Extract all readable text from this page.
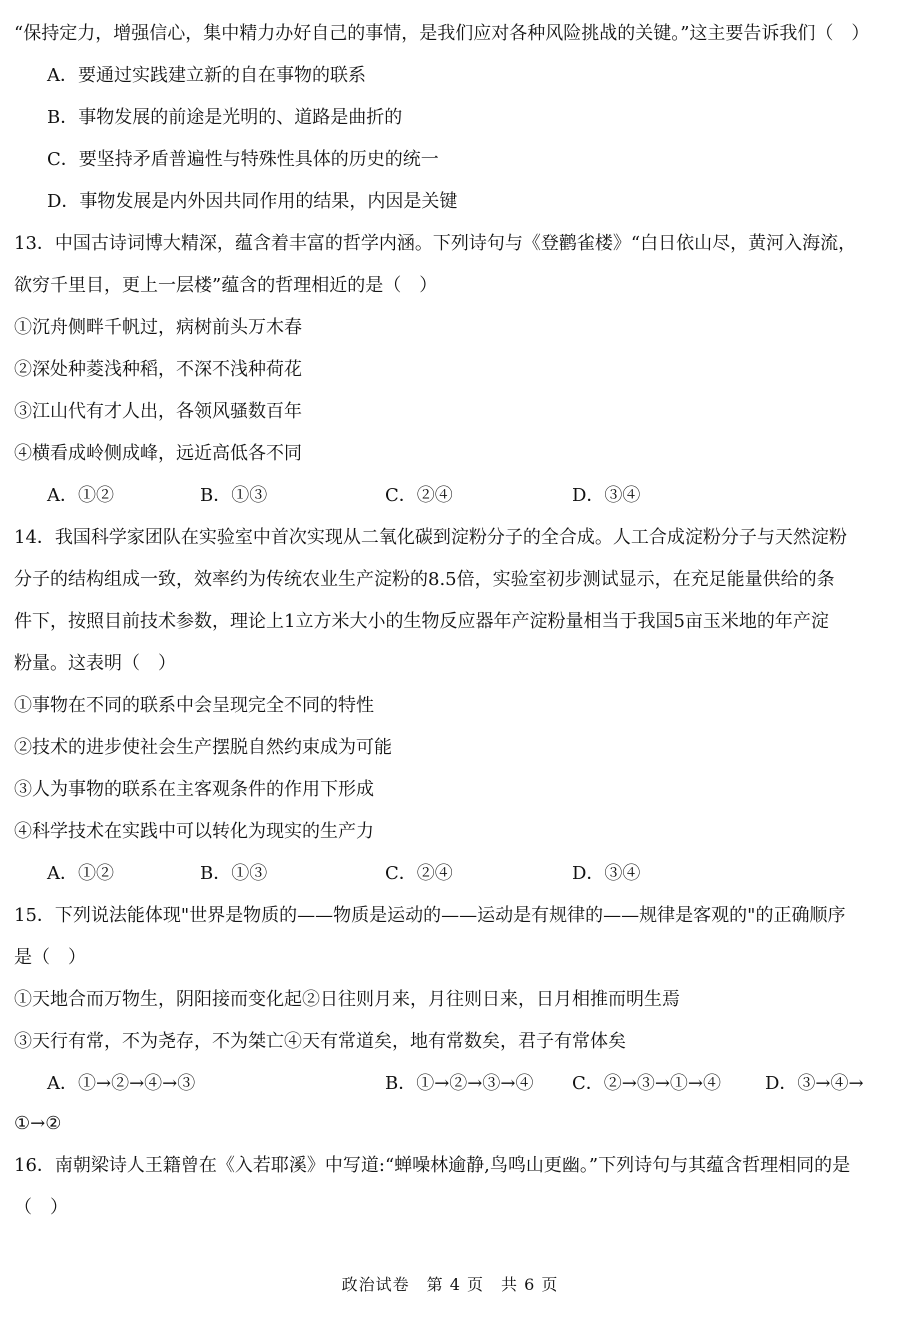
“保持定力，增强信心，集中精力办好自己的事情，是我们应对各种风险挑战的关键。”这主要告诉我们（　）
A．要通过实践建立新的自在事物的联系
B．事物发展的前途是光明的、道路是曲折的
C．要坚持矛盾普遍性与特殊性具体的历史的统一
D．事物发展是内外因共同作用的结果，内因是关键
13．中国古诗词博大精深，蕴含着丰富的哲学内涵。下列诗句与《登鹳雀楼》“白日依山尽，黄河入海流，
欲穷千里目，更上一层楼”蕴含的哲理相近的是（　）
①沉舟侧畔千帆过，病树前头万木春
②深处种菱浅种稻，不深不浅种荷花
③江山代有才人出，各领风骚数百年
④横看成岭侧成峰，远近高低各不同
A．①②	B．①③	C．②④	D．③④
14．我国科学家团队在实验室中首次实现从二氧化碳到淀粉分子的全合成。人工合成淀粉分子与天然淀粉
分子的结构组成一致，效率约为传统农业生产淀粉的8.5倍，实验室初步测试显示，在充足能量供给的条
件下，按照目前技术参数，理论上1立方米大小的生物反应器年产淀粉量相当于我国5亩玉米地的年产淀
粉量。这表明（　）
①事物在不同的联系中会呈现完全不同的特性
②技术的进步使社会生产摆脱自然约束成为可能
③人为事物的联系在主客观条件的作用下形成
④科学技术在实践中可以转化为现实的生产力
A．①②	B．①③	C．②④	D．③④
15．下列说法能体现"世界是物质的——物质是运动的——运动是有规律的——规律是客观的"的正确顺序
是（　）
①天地合而万物生，阴阳接而变化起②日往则月来，月往则日来，日月相推而明生焉
③天行有常，不为尧存，不为桀亡④天有常道矣，地有常数矣，君子有常体矣
A．①→②→④→③	B．①→②→③→④ C．②→③→①→④ D．③→④→
①→②
16．南朝梁诗人王籍曾在《入若耶溪》中写道:“蝉噪林逾静,鸟鸣山更幽。”下列诗句与其蕴含哲理相同的是
（　）
政治试卷　第 4 页　共 6 页
